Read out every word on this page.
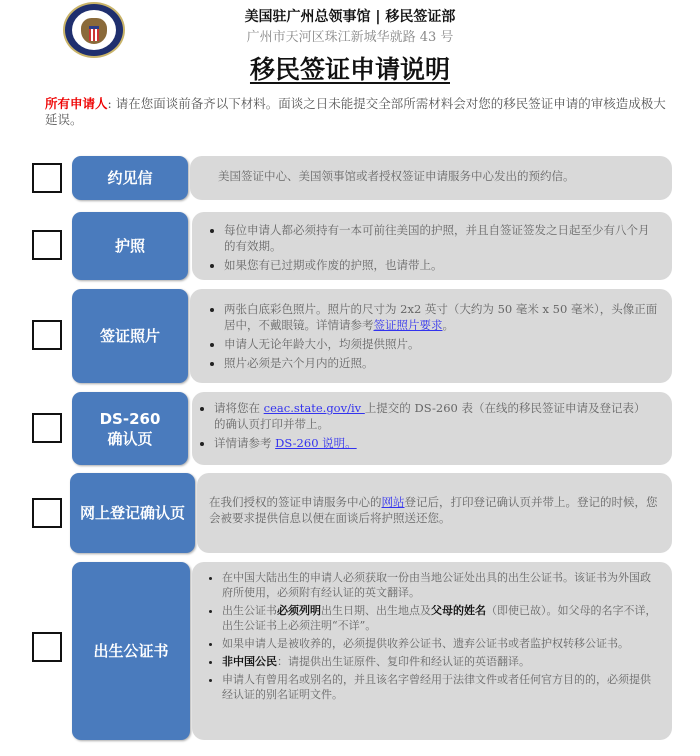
美国驻广州总领事馆 | 移民签证部
广州市天河区珠江新城华就路 43 号
移民签证申请说明
所有申请人: 请在您面谈前备齐以下材料。面谈之日未能提交全部所需材料会对您的移民签证申请的审核造成极大延误。
约见信	美国签证中心、美国领事馆或者授权签证申请服务中心发出的预约信。
护照
• 每位申请人都必须持有一本可前往美国的护照，并且自签证签发之日起至少有八个月的有效期。
• 如果您有已过期或作废的护照，也请带上。
签证照片
• 两张白底彩色照片。照片的尺寸为 2x2 英寸（大约为 50 毫米 x 50 毫米），头像正面居中，不戴眼镜。详情请参考签证照片要求。
• 申请人无论年龄大小，均须提供照片。
• 照片必须是六个月内的近照。
DS-260
确认页
• 请将您在 ceac.state.gov/iv 上提交的 DS-260 表（在线的移民签证申请及登记表）的确认页打印并带上。
• 详情请参考 DS-260 说明。
网上登记确认页
在我们授权的签证申请服务中心的网站登记后，打印登记确认页并带上。登记的时候，您会被要求提供信息以便在面谈后将护照送还您。
出生公证书
• 在中国大陆出生的申请人必须获取一份由当地公证处出具的出生公证书。该证书为外国政府所使用，必须附有经认证的英文翻译。
• 出生公证书必须列明出生日期、出生地点及父母的姓名（即使已故）。如父母的名字不详，出生公证书上必须注明“不详”。
• 如果申请人是被收养的，必须提供收养公证书、遗弃公证书或者监护权转移公证书。
• 非中国公民：请提供出生证原件、复印件和经认证的英语翻译。
• 申请人有曾用名或别名的，并且该名字曾经用于法律文件或者任何官方目的的，必须提供经认证的别名证明文件。
